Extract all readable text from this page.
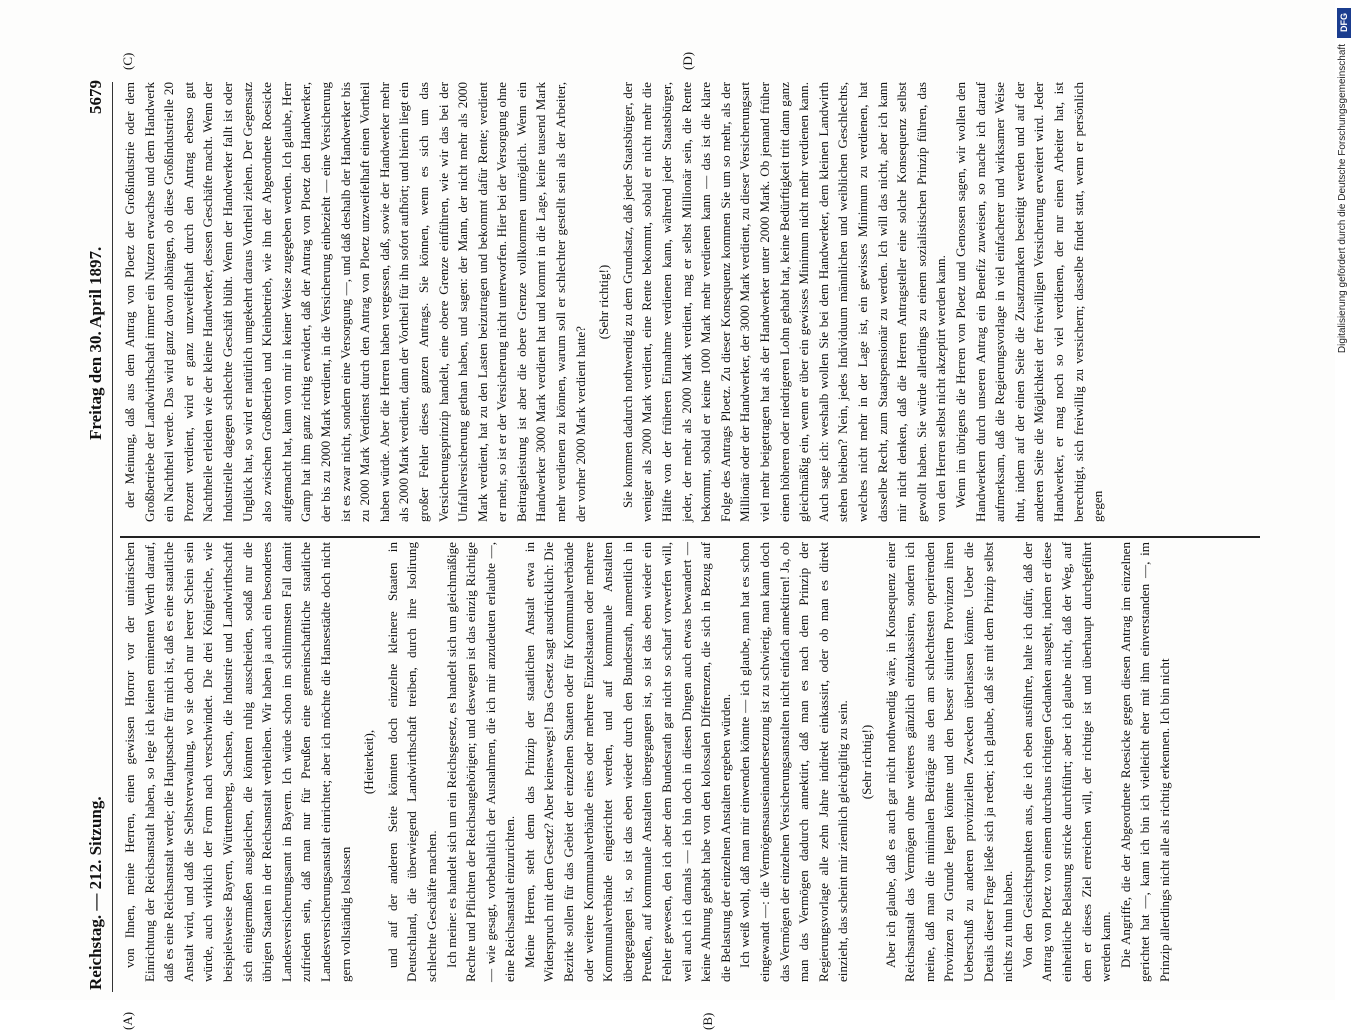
Reichstag. — 212. Sitzung.
Freitag den 30. April 1897.
5679
(A)	(B)
(C)	(D)

von Ihnen, meine Herren, einen gewissen Horror vor der unitarischen Einrichtung der Reichsanstalt haben, so lege ich keinen eminenten Werth darauf, daß es eine Reichsanstalt werde; die Hauptsache für mich ist, daß es eine staatliche Anstalt wird, und daß die Selbstverwaltung, wo sie doch nur leerer Schein sein würde, auch wirklich der Form nach verschwindet. Die drei Königreiche, wie beispielsweise Bayern, Württemberg, Sachsen, die Industrie und Landwirthschaft sich einigermaßen ausgleichen, die könnten ruhig ausscheiden, sodaß nur die übrigen Staaten in der Reichsanstalt verbleiben. Wir haben ja auch ein besonderes Landesversicherungsamt in Bayern. Ich würde schon im schlimmsten Fall damit zufrieden sein, daß man nur für Preußen eine gemeinschaftliche staatliche Landesversicherungsanstalt einrichtet; aber ich möchte die Hansestädte doch nicht gern vollständig loslassen

(Heiterkeit), und auf der anderen Seite könnten doch einzelne kleinere Staaten in Deutschland, die überwiegend Landwirthschaft treiben, durch ihre Isolirung schlechte Geschäfte machen. Ich meine: es handelt sich um ein Reichsgesetz, es handelt sich um gleichmäßige Rechte und Pflichten der Reichsangehörigen; und deswegen ist das einzig Richtige — wie gesagt, vorbehaltlich der Ausnahmen, die ich mir anzudeuten erlaubte —, eine Reichsanstalt einzurichten. Meine Herren, steht denn das Prinzip der staatlichen Anstalt etwa in Widerspruch mit dem Gesetz? Aber keineswegs! Das Gesetz sagt ausdrücklich: Die Bezirke sollen für das Gebiet der einzelnen Staaten oder für Kommunalverbände oder weitere Kommunalverbände eines oder mehrere Einzelstaaten oder mehrere Kommunalverbände eingerichtet werden, und auf kommunale Anstalten übergegangen ist, so ist das eben wieder durch den Bundesrath, namentlich in Preußen, auf kommunale Anstalten übergegangen ist, so ist das eben wieder ein Fehler gewesen, den ich aber dem Bundesrath gar nicht so scharf vorwerfen will, weil auch ich damals — ich bin doch in diesen Dingen auch etwas bewandert — keine Ahnung gehabt habe von den kolossalen Differenzen, die sich in Bezug auf die Belastung der einzelnen Anstalten ergeben würden. Ich weiß wohl, daß man mir einwenden könnte — ich glaube, man hat es schon eingewandt —: die Vermögensauseinandersetzung ist zu schwierig, man kann doch das Vermögen der einzelnen Versicherungsanstalten nicht einfach annektiren! Ja, ob man das Vermögen dadurch annektirt, daß man es nach dem Prinzip der Regierungsvorlage alle zehn Jahre indirekt einkassirt, oder ob man es direkt einzieht, das scheint mir ziemlich gleichgiltig zu sein. (Sehr richtig!) Aber ich glaube, daß es auch gar nicht nothwendig wäre, in Konsequenz einer Reichsanstalt das Vermögen ohne weiteres gänzlich einzukassiren, sondern ich meine, daß man die minimalen Beiträge aus den am schlechtesten operirenden Provinzen zu Grunde legen könnte und den besser situirten Provinzen ihren Ueberschuß zu anderen provinziellen Zwecken überlassen könnte. Ueber die Details dieser Frage ließe sich ja reden; ich glaube, daß sie mit dem Prinzip selbst nichts zu thun haben. Von den Gesichtspunkten aus, die ich eben ausführte, halte ich dafür, daß der Antrag von Ploetz von einem durchaus richtigen Gedanken ausgeht, indem er diese einheitliche Belastung stricke durchführt; aber ich glaube nicht, daß der Weg, auf dem er dieses Ziel erreichen will, der richtige ist und überhaupt durchgeführt werden kann. Die Angriffe, die der Abgeordnete Roesicke gegen diesen Antrag im einzelnen gerichtet hat —, kann ich bin ich vielleicht eher mit ihm einverstanden —, im Prinzip allerdings nicht alle als richtig erkennen. Ich bin nicht

der Meinung, daß aus dem Antrag von Ploetz der Großindustrie oder dem Großbetriebe der Landwirthschaft immer ein Nutzen erwachse und dem Handwerk ein Nachtheil werde. Das wird ganz davon abhängen, ob diese Großindustrielle 20 Prozent verdient, wird er ganz unzweifelhaft durch den Antrag ebenso gut Nachtheile erleiden wie der kleine Handwerker, dessen Geschäfte macht. Wenn der Industrielle dagegen schlechte Geschäft blüht. Wenn der Handwerker fallt ist oder Unglück hat, so wird er natürlich umgekehrt daraus Vortheil ziehen. Der Gegensatz also zwischen Großbetrieb und Kleinbetrieb, wie ihn der Abgeordnete Roesicke aufgemacht hat, kann von mir in keiner Weise zugegeben werden. Ich glaube, Herr Gamp hat ihm ganz richtig erwidert, daß der Antrag von Ploetz den Handwerker, der bis zu 2000 Mark verdient, in die Versicherung einbezieht — eine Versicherung ist es zwar nicht, sondern eine Versorgung —, und daß deshalb der Handwerker bis zu 2000 Mark Verdienst durch den Antrag von Ploetz unzweifelhaft einen Vortheil haben würde. Aber die Herren haben vergessen, daß, sowie der Handwerker mehr als 2000 Mark verdient, dann der Vortheil für ihn sofort aufhört; und hierin liegt ein großer Fehler dieses ganzen Antrags. Sie können, wenn es sich um das Versicherungsprinzip handelt, eine obere Grenze einführen, wie wir das bei der Unfallversicherung gethan haben, und sagen: der Mann, der nicht mehr als 2000 Mark verdient, hat zu den Lasten beizutragen und bekommt dafür Rente; verdient er mehr, so ist er der Versicherung nicht unterworfen. Hier bei der Versorgung ohne Beitragsleistung ist aber die obere Grenze vollkommen unmöglich. Wenn ein Handwerker 3000 Mark verdient hat und kommt in die Lage, keine tausend Mark mehr verdienen zu können, warum soll er schlechter gestellt sein als der Arbeiter, der vorher 2000 Mark verdient hatte?

(Sehr richtig!) Sie kommen dadurch nothwendig zu dem Grundsatz, daß jeder Staatsbürger, der weniger als 2000 Mark verdient, eine Rente bekommt, sobald er nicht mehr die Hälfte von der früheren Einnahme verdienen kann, während jeder Staatsbürger, jeder, der mehr als 2000 Mark verdient, mag er selbst Millionär sein, die Rente bekommt, sobald er keine 1000 Mark mehr verdienen kann — das ist die klare Folge des Antrags Ploetz. Zu dieser Konsequenz kommen Sie um so mehr, als der Millionär oder der Handwerker, der 3000 Mark verdient, zu dieser Versicherungsart viel mehr beigetragen hat als der Handwerker unter 2000 Mark. Ob jemand früher einen höheren oder niedrigeren Lohn gehabt hat, keine Bedürftigkeit tritt dann ganz gleichmäßig ein, wenn er über ein gewisses Minimum nicht mehr verdienen kann. Auch sage ich: weshalb wollen Sie bei dem Handwerker, dem kleinen Landwirth stehen bleiben? Nein, jedes Individuum männlichen und weiblichen Geschlechts, welches nicht mehr in der Lage ist, ein gewisses Minimum zu verdienen, hat dasselbe Recht, zum Staatspensionär zu werden. Ich will das nicht, aber ich kann mir nicht denken, daß die Herren Antragsteller eine solche Konsequenz selbst gewollt haben. Sie würde allerdings zu einem sozialistischen Prinzip führen, das von den Herren selbst nicht akzeptirt werden kann. Wenn im übrigens die Herren von Ploetz und Genossen sagen, wir wollen den Handwerkern durch unseren Antrag ein Benefiz zuweisen, so mache ich darauf aufmerksam, daß die Regierungsvorlage in viel einfacherer und wirksamer Weise thut, indem auf der einen Seite die Zusatzmarken beseitigt werden und auf der anderen Seite die Möglichkeit der freiwilligen Versicherung erweitert wird. Jeder Handwerker, er mag noch so viel verdienen, der nur einen Arbeiter hat, ist berechtigt, sich freiwillig zu versichern; dasselbe findet statt, wenn er persönlich gegen

DFG
Digitalisierung gefördert durch die Deutsche Forschungsgemeinschaft
